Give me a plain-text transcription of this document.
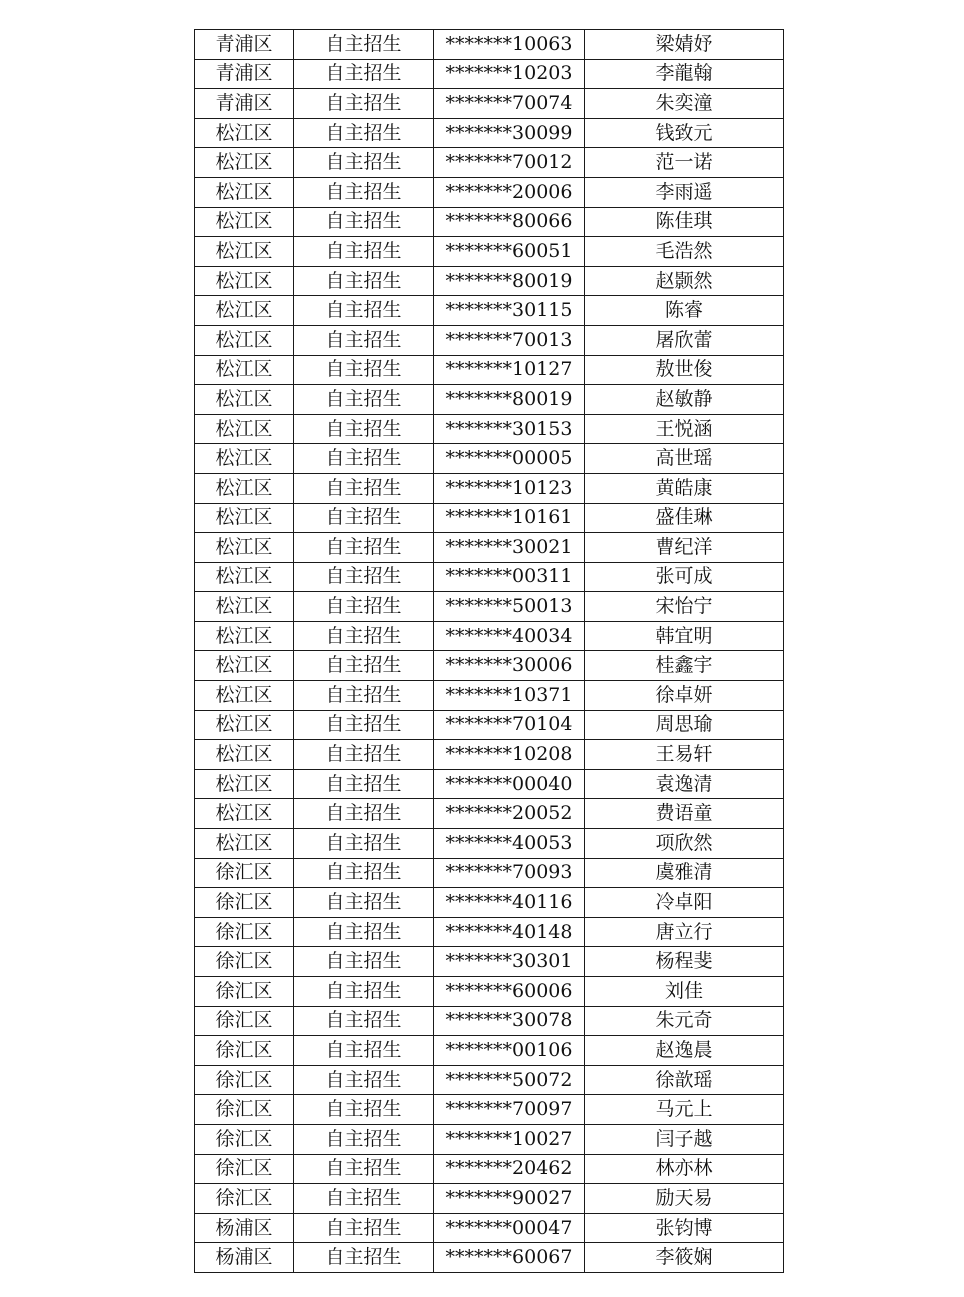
青浦区	自主招生	*******10063	梁婧妤
青浦区	自主招生	*******10203	李龍翰
青浦区	自主招生	*******70074	朱奕潼
松江区	自主招生	*******30099	钱致元
松江区	自主招生	*******70012	范一诺
松江区	自主招生	*******20006	李雨遥
松江区	自主招生	*******80066	陈佳琪
松江区	自主招生	*******60051	毛浩然
松江区	自主招生	*******80019	赵颢然
松江区	自主招生	*******30115	陈睿
松江区	自主招生	*******70013	屠欣蕾
松江区	自主招生	*******10127	敖世俊
松江区	自主招生	*******80019	赵敏静
松江区	自主招生	*******30153	王悦涵
松江区	自主招生	*******00005	高世瑶
松江区	自主招生	*******10123	黄皓康
松江区	自主招生	*******10161	盛佳琳
松江区	自主招生	*******30021	曹纪洋
松江区	自主招生	*******00311	张可成
松江区	自主招生	*******50013	宋怡宁
松江区	自主招生	*******40034	韩宜明
松江区	自主招生	*******30006	桂鑫宇
松江区	自主招生	*******10371	徐卓妍
松江区	自主招生	*******70104	周思瑜
松江区	自主招生	*******10208	王易轩
松江区	自主招生	*******00040	袁逸清
松江区	自主招生	*******20052	费语童
松江区	自主招生	*******40053	项欣然
徐汇区	自主招生	*******70093	虞雅清
徐汇区	自主招生	*******40116	冷卓阳
徐汇区	自主招生	*******40148	唐立行
徐汇区	自主招生	*******30301	杨程斐
徐汇区	自主招生	*******60006	刘佳
徐汇区	自主招生	*******30078	朱元奇
徐汇区	自主招生	*******00106	赵逸晨
徐汇区	自主招生	*******50072	徐歆瑶
徐汇区	自主招生	*******70097	马元上
徐汇区	自主招生	*******10027	闫子越
徐汇区	自主招生	*******20462	林亦林
徐汇区	自主招生	*******90027	励天易
杨浦区	自主招生	*******00047	张钧博
杨浦区	自主招生	*******60067	李筱娴
